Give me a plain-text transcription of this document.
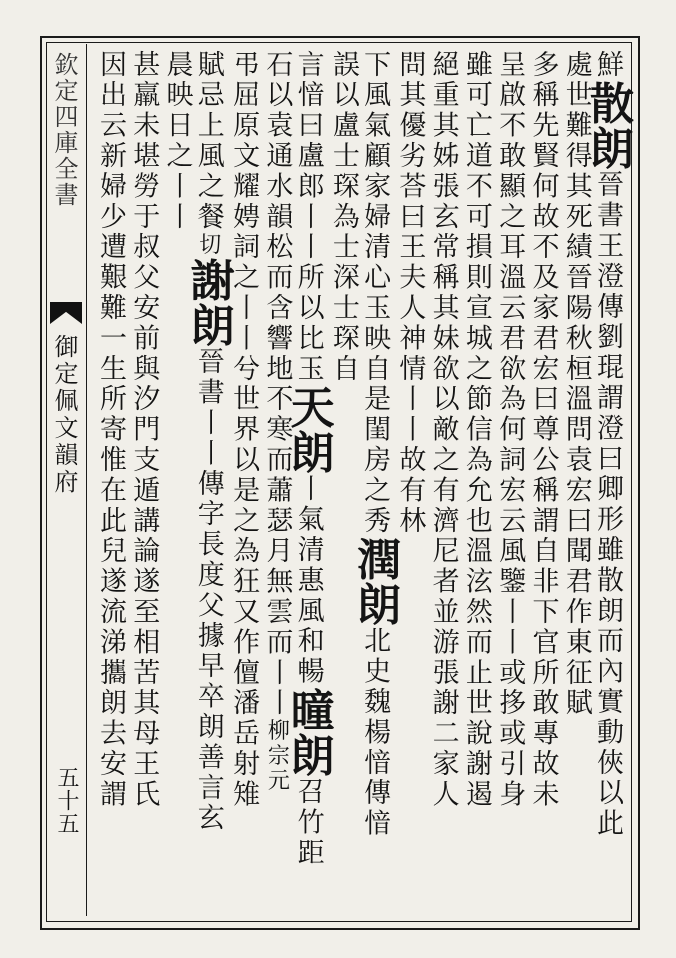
欽定四庫全書
御定佩文韻府
五十五
鮮散朗晉書王澄傳劉琨謂澄曰卿形雖散朗而內實動俠以此
處世難得其死績晉陽秋桓溫問袁宏曰聞君作東征賦
多稱先賢何故不及家君宏曰尊公稱謂自非下官所敢專故未
呈啟不敢顯之耳溫云君欲為何詞宏云風鑒丨丨或拸或引身
雖可亡道不可損則宣城之節信為允也溫泫然而止世說謝遏
絕重其姊張玄常稱其妹欲以敵之有濟尼者並游張謝二家人
問其優劣荅曰王夫人神情丨丨故有林
下風氣顧家婦清心玉映自是閨房之秀潤朗北史魏楊愔傳愔
誤以盧士琛為士深士琛自
言愔曰盧郎丨丨所以比玉天朗丨氣清惠風和暢曈朗召竹距
石以袁通水韻松而含響地不寒而蕭瑟月無雲而丨丨柳宗元
弔屈原文耀娉詞之丨丨兮世界以是之為狂又作儃潘岳射雉
賦忌上風之餐切謝朗晉書丨丨傳字長度父據早卒朗善言玄
晨映日之丨丨
甚羸未堪勞于叔父安前與汐門支遁講論遂至相苦其母王氏
因出云新婦少遭艱難一生所寄惟在此兒遂流涕攜朗去安謂
